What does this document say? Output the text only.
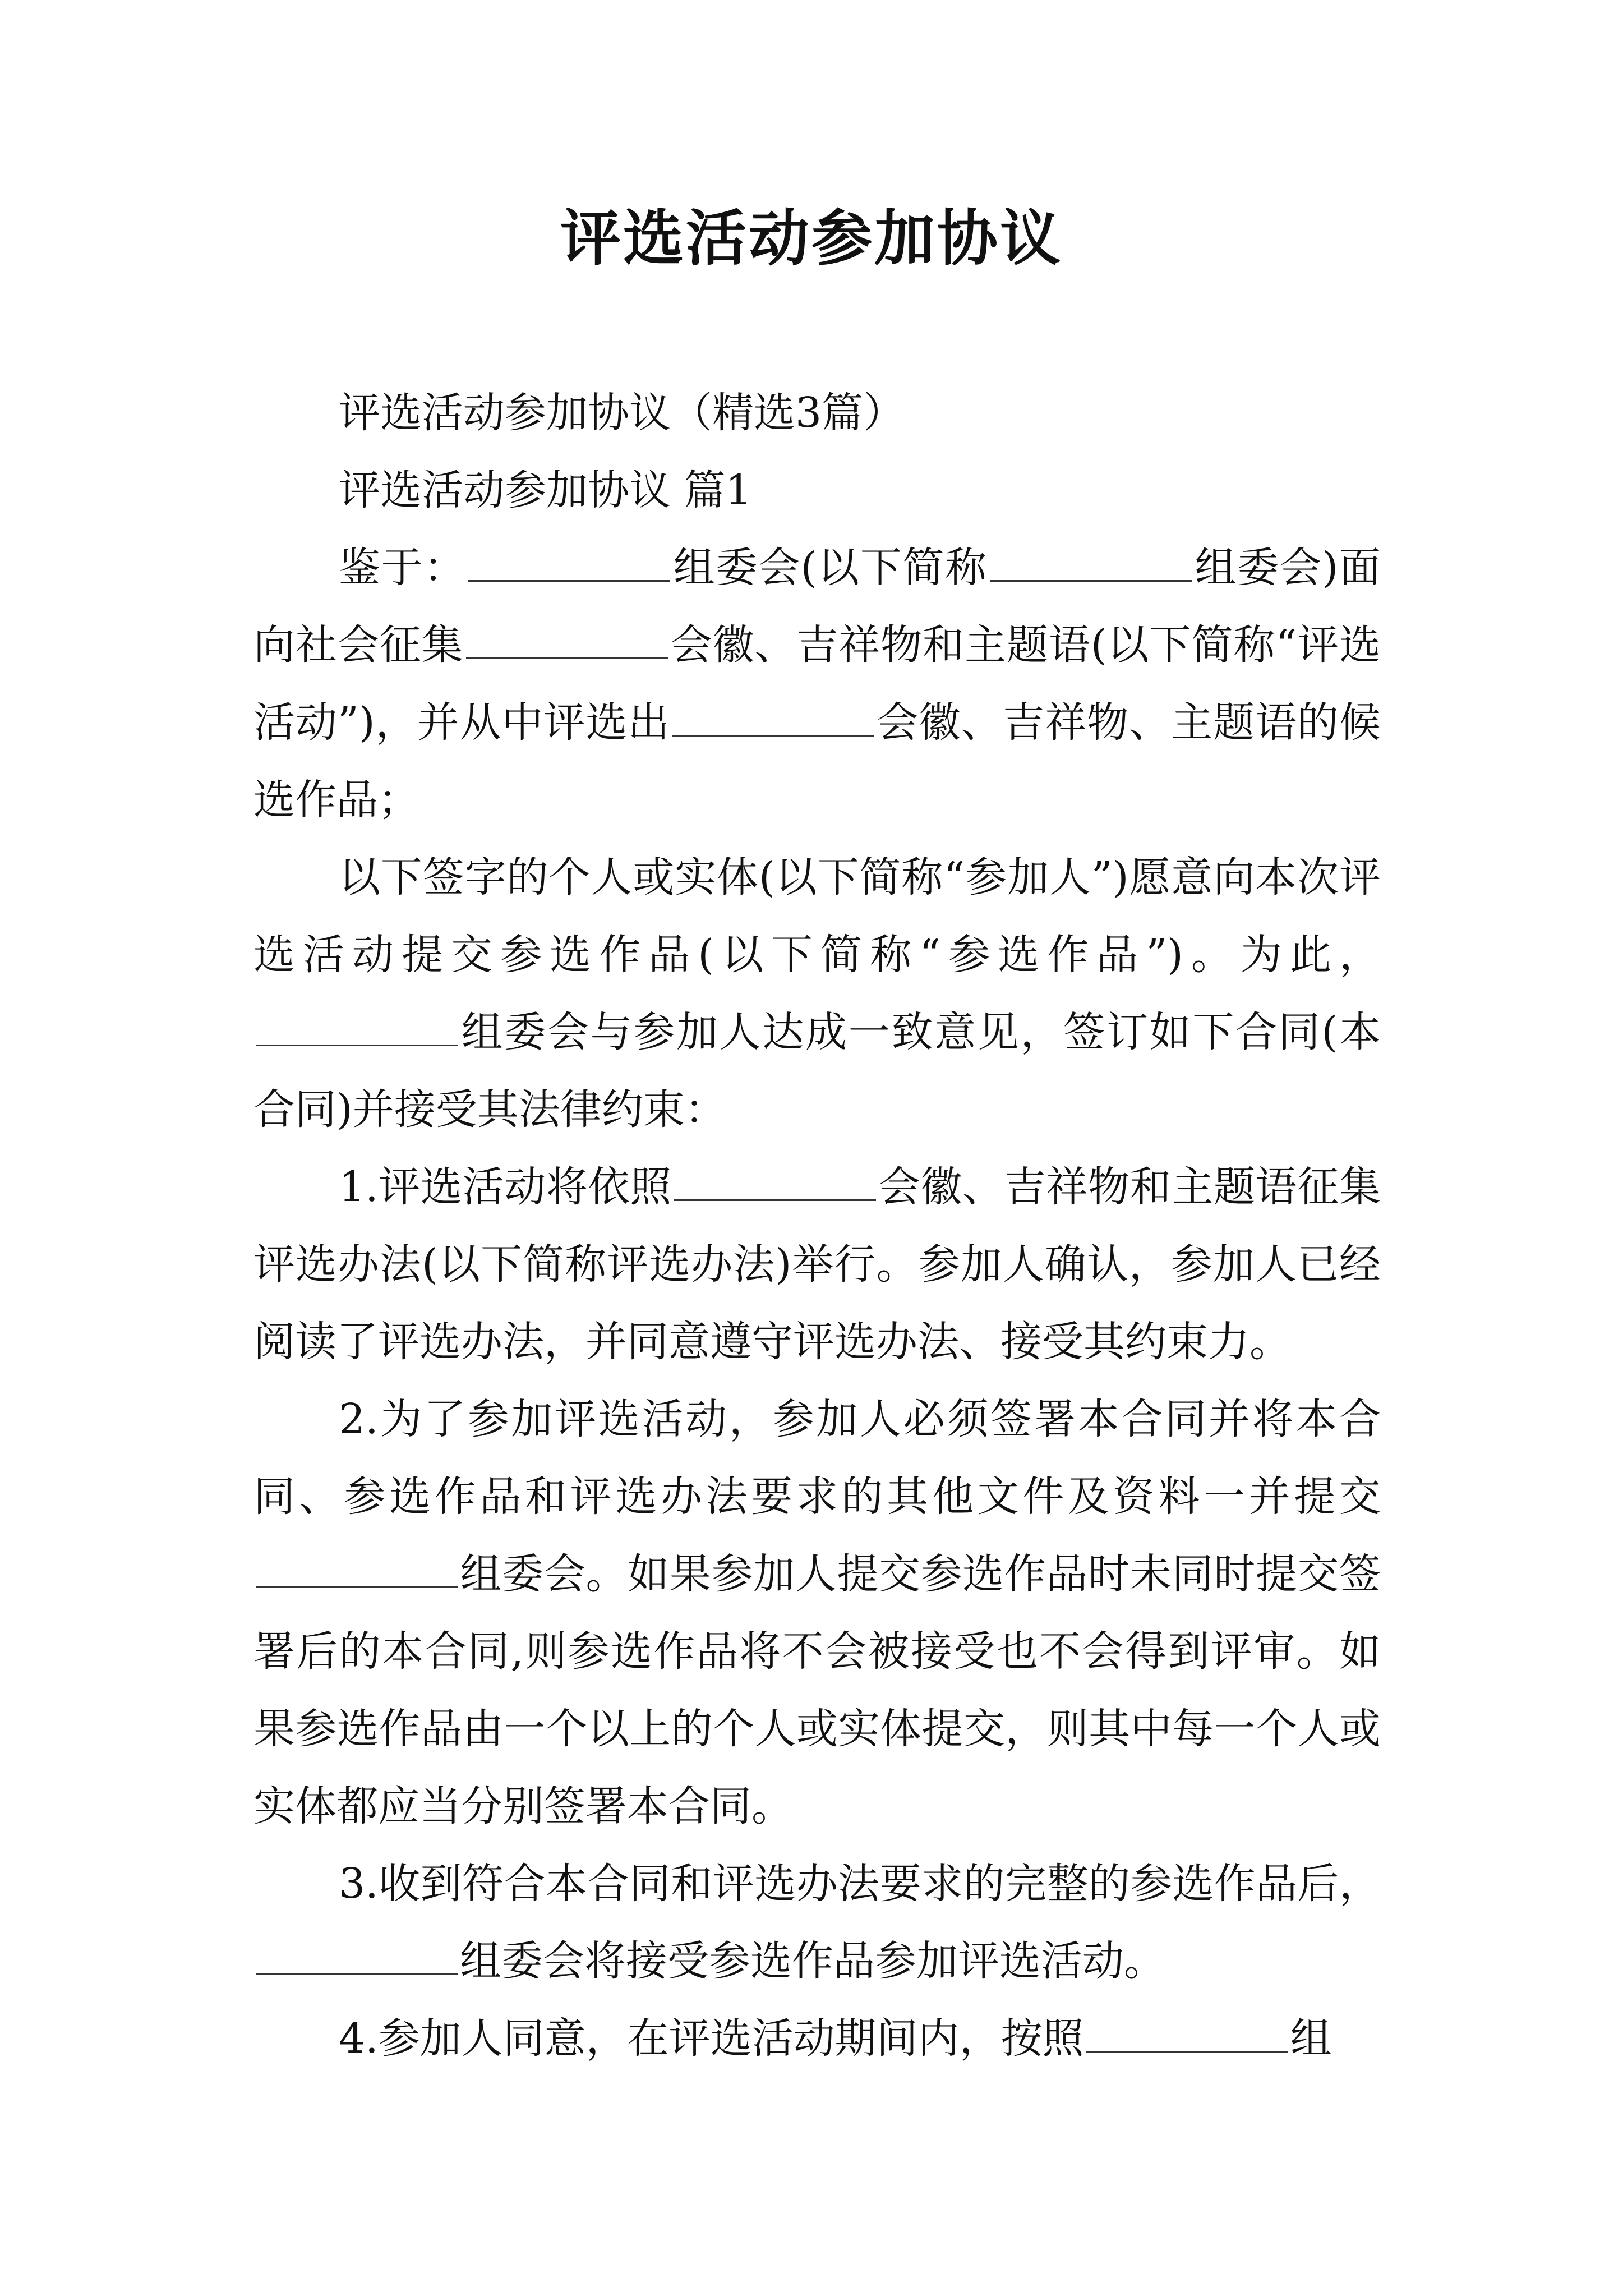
评选活动参加协议

评选活动参加协议（精选3篇）

评选活动参加协议 篇1

鉴于：	组委会(以下简称	组委会)面向社会征集	会徽、吉祥物和主题语(以下简称“评选活动”)，并从中评选出	会徽、吉祥物、主题语的候选作品；

以下签字的个人或实体(以下简称“参加人”)愿意向本次评选活动提交参选作品(以下简称“参选作品”)。为此，组委会与参加人达成一致意见，签订如下合同(本合同)并接受其法律约束：

1.评选活动将依照	会徽、吉祥物和主题语征集评选办法(以下简称评选办法)举行。参加人确认，参加人已经阅读了评选办法，并同意遵守评选办法、接受其约束力。

2.为了参加评选活动，参加人必须签署本合同并将本合同、参选作品和评选办法要求的其他文件及资料一并提交组委会。如果参加人提交参选作品时未同时提交签署后的本合同,则参选作品将不会被接受也不会得到评审。如果参选作品由一个以上的个人或实体提交，则其中每一个人或实体都应当分别签署本合同。

3.收到符合本合同和评选办法要求的完整的参选作品后，组委会将接受参选作品参加评选活动。

4.参加人同意，在评选活动期间内，按照	组
